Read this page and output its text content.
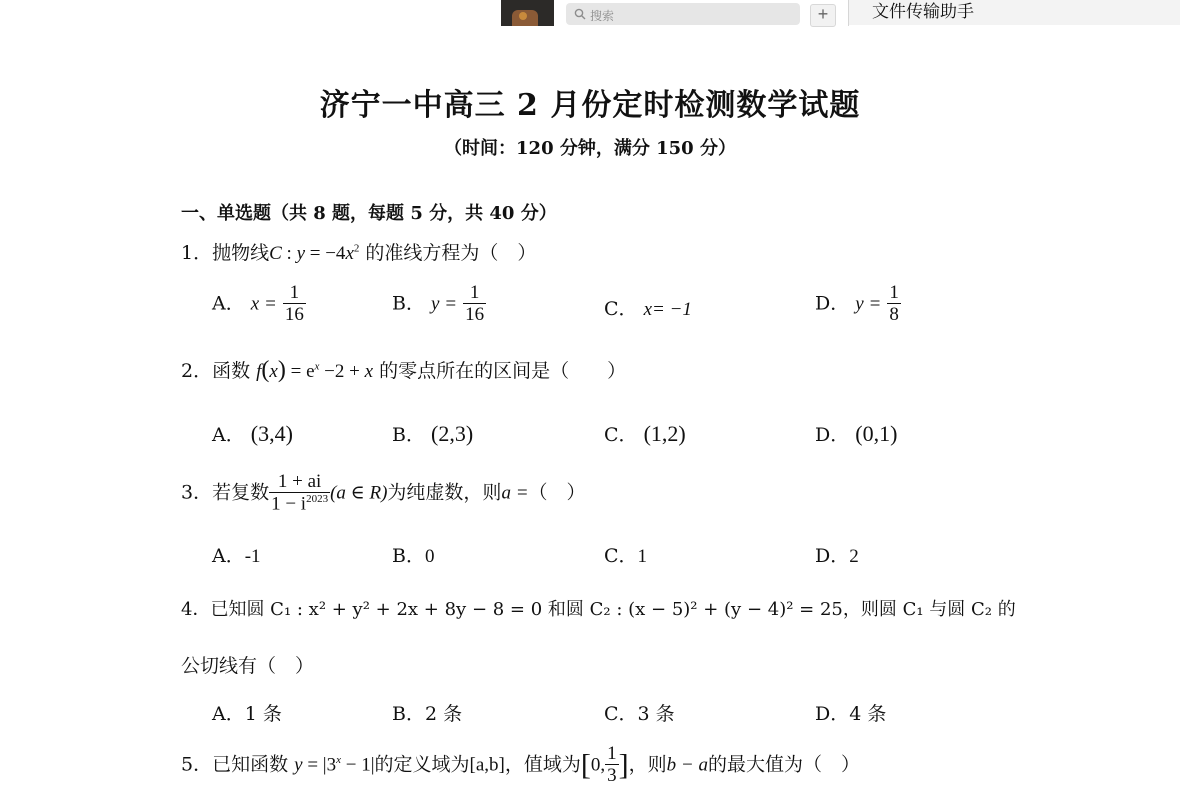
搜索	+	文件传输助手
济宁一中高三 2 月份定时检测数学试题
（时间：120 分钟，满分 150 分）
一、单选题（共 8 题，每题 5 分，共 40 分）
1．抛物线C : $y = -4x^2$ 的准线方程为（　）
A． $x = \frac{1}{16}$	B． $y = \frac{1}{16}$	C． x= −1	D． $y = \frac{1}{8}$
2．函数 $f(x) = e^x -2 + x$ 的零点所在的区间是（　　）
A． (3,4)	B． (2,3)	C． (1,2)	D． (0,1)
3．若复数 $\frac{1 + ai}{1 - i^{2023}} (a$ ∈ R)为纯虚数，则a =（　）
A．-1	B．0	C．1	D．2
4．已知圆 C₁ : x² + y² + 2x + 8y − 8 = 0 和圆 C₂ : (x − 5)² + (y − 4)² = 25，则圆 C₁ 与圆 C₂ 的
公切线有（　）
A．1 条	B．2 条	C．3 条	D．4 条
5．已知函数 $y = |3^x - 1|$的定义域为[a,b]，值域为[0, $\frac{1}{3}$ ]，则b − a的最大值为（　）
